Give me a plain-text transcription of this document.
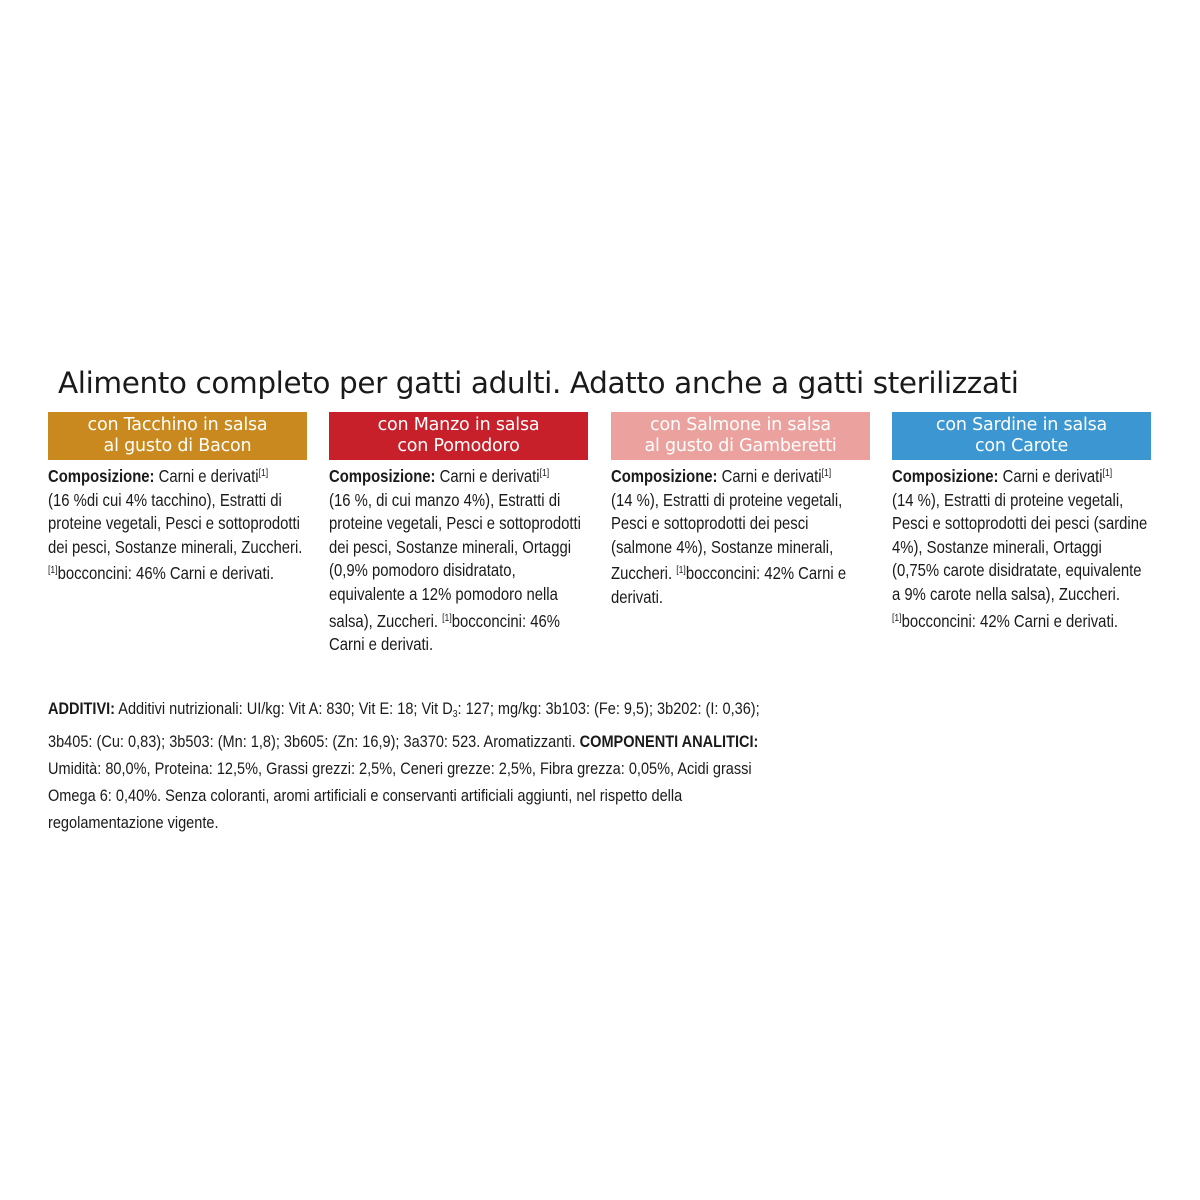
Alimento completo per gatti adulti. Adatto anche a gatti sterilizzati
con Tacchino in salsa
al gusto di Bacon
Composizione: Carni e derivati[1]
(16 %di cui 4% tacchino), Estratti di proteine vegetali, Pesci e sottoprodotti dei pesci, Sostanze minerali, Zuccheri. [1]bocconcini: 46% Carni e derivati.
con Manzo in salsa
con Pomodoro
Composizione: Carni e derivati[1]
(16 %, di cui manzo 4%), Estratti di proteine vegetali, Pesci e sottoprodotti dei pesci, Sostanze minerali, Ortaggi (0,9% pomodoro disidratato, equivalente a 12% pomodoro nella salsa), Zuccheri. [1]bocconcini: 46% Carni e derivati.
con Salmone in salsa
al gusto di Gamberetti
Composizione: Carni e derivati[1]
(14 %), Estratti di proteine vegetali, Pesci e sottoprodotti dei pesci (salmone 4%), Sostanze minerali, Zuccheri. [1]bocconcini: 42% Carni e derivati.
con Sardine in salsa
con Carote
Composizione: Carni e derivati[1]
(14 %), Estratti di proteine vegetali, Pesci e sottoprodotti dei pesci (sardine 4%), Sostanze minerali, Ortaggi (0,75% carote disidratate, equivalente a 9% carote nella salsa), Zuccheri. [1]bocconcini: 42% Carni e derivati.
ADDITIVI: Additivi nutrizionali: UI/kg: Vit A: 830; Vit E: 18; Vit $D_3$: 127; mg/kg: 3b103: (Fe: 9,5); 3b202: (I: 0,36); 3b405: (Cu: 0,83); 3b503: (Mn: 1,8); 3b605: (Zn: 16,9); 3a370: 523. Aromatizzanti. COMPONENTI ANALITICI: Umidità: 80,0%, Proteina: 12,5%, Grassi grezzi: 2,5%, Ceneri grezze: 2,5%, Fibra grezza: 0,05%, Acidi grassi Omega 6: 0,40%. Senza coloranti, aromi artificiali e conservanti artificiali aggiunti, nel rispetto della regolamentazione vigente.
